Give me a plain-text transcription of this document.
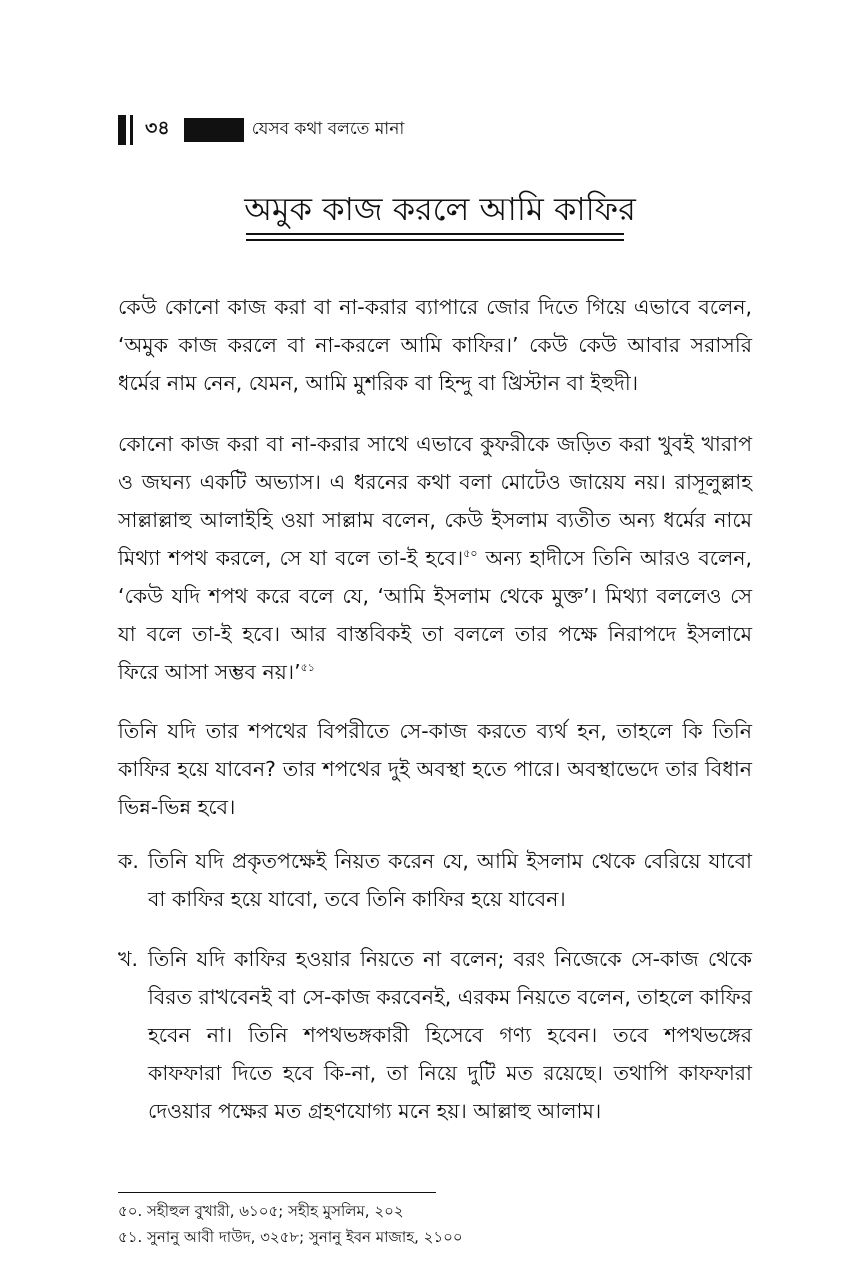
৩৪	যেসব কথা বলতে মানা
অমুক কাজ করলে আমি কাফির

কেউ কোনো কাজ করা বা না-করার ব্যাপারে জোর দিতে গিয়ে এভাবে বলেন, ‘অমুক কাজ করলে বা না-করলে আমি কাফির।’ কেউ কেউ আবার সরাসরি ধর্মের নাম নেন, যেমন, আমি মুশরিক বা হিন্দু বা খ্রিস্টান বা ইহুদী।

কোনো কাজ করা বা না-করার সাথে এভাবে কুফরীকে জড়িত করা খুবই খারাপ ও জঘন্য একটি অভ্যাস। এ ধরনের কথা বলা মোটেও জায়েয নয়। রাসূলুল্লাহ সাল্লাল্লাহু আলাইহি ওয়া সাল্লাম বলেন, কেউ ইসলাম ব্যতীত অন্য ধর্মের নামে মিথ্যা শপথ করলে, সে যা বলে তা-ই হবে।$^{৫০}$ অন্য হাদীসে তিনি আরও বলেন, ‘কেউ যদি শপথ করে বলে যে, ‘আমি ইসলাম থেকে মুক্ত’। মিথ্যা বললেও সে যা বলে তা-ই হবে। আর বাস্তবিকই তা বললে তার পক্ষে নিরাপদে ইসলামে ফিরে আসা সম্ভব নয়।’$^{৫১}$

তিনি যদি তার শপথের বিপরীতে সে-কাজ করতে ব্যর্থ হন, তাহলে কি তিনি কাফির হয়ে যাবেন? তার শপথের দুই অবস্থা হতে পারে। অবস্থাভেদে তার বিধান ভিন্ন-ভিন্ন হবে।

ক. তিনি যদি প্রকৃতপক্ষেই নিয়ত করেন যে, আমি ইসলাম থেকে বেরিয়ে যাবো বা কাফির হয়ে যাবো, তবে তিনি কাফির হয়ে যাবেন।
খ. তিনি যদি কাফির হওয়ার নিয়তে না বলেন; বরং নিজেকে সে-কাজ থেকে বিরত রাখবেনই বা সে-কাজ করবেনই, এরকম নিয়তে বলেন, তাহলে কাফির হবেন না। তিনি শপথভঙ্গকারী হিসেবে গণ্য হবেন। তবে শপথভঙ্গের কাফফারা দিতে হবে কি-না, তা নিয়ে দুটি মত রয়েছে। তথাপি কাফফারা দেওয়ার পক্ষের মত গ্রহণযোগ্য মনে হয়। আল্লাহু আলাম।
৫০. সহীহুল বুখারী, ৬১০৫; সহীহ মুসলিম, ২০২
৫১. সুনানু আবী দাউদ, ৩২৫৮; সুনানু ইবন মাজাহ, ২১০০
